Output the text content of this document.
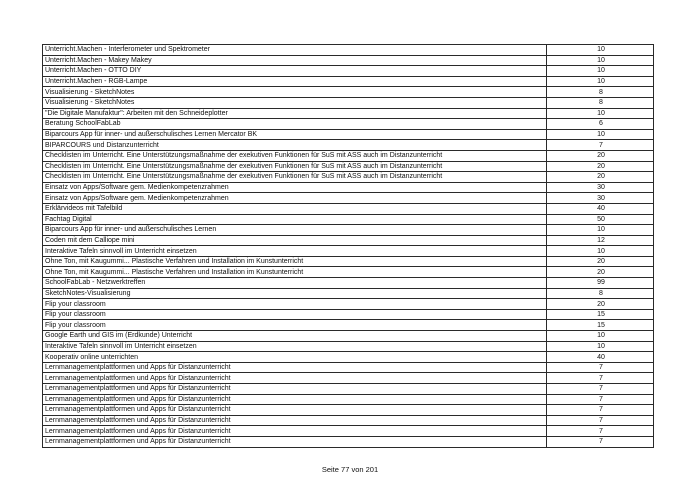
Unterricht.Machen - Interferometer und Spektrometer	10
Unterricht.Machen - Makey Makey	10
Unterricht.Machen - OTTO DIY	10
Unterricht.Machen - RGB-Lampe	10
Visualisierung - SketchNotes	8
Visualisierung - SketchNotes	8
"Die Digitale Manufaktur": Arbeiten mit den Schneideplotter	10
Beratung SchoolFabLab	6
Biparcours App für inner- und außerschulisches Lernen Mercator BK	10
BIPARCOURS und Distanzunterricht	7
Checklisten im Unterricht. Eine Unterstützungsmaßnahme der exekutiven Funktionen für SuS mit ASS auch im Distanzunterricht	20
Checklisten im Unterricht. Eine Unterstützungsmaßnahme der exekutiven Funktionen für SuS mit ASS auch im Distanzunterricht	20
Checklisten im Unterricht. Eine Unterstützungsmaßnahme der exekutiven Funktionen für SuS mit ASS auch im Distanzunterricht	20
Einsatz von Apps/Software gem. Medienkompetenzrahmen	30
Einsatz von Apps/Software gem. Medienkompetenzrahmen	30
Erklärvideos mit Tafelbild	40
Fachtag Digital	50
Biparcours App für inner- und außerschulisches Lernen	10
Coden mit dem Calliope mini	12
Interaktive Tafeln sinnvoll im Unterricht einsetzen	10
Ohne Ton, mit Kaugummi... Plastische Verfahren und Installation im Kunstunterricht	20
Ohne Ton, mit Kaugummi... Plastische Verfahren und Installation im Kunstunterricht	20
SchoolFabLab - Netzwerktreffen	99
SketchNotes-Visualisierung	8
Flip your classroom	20
Flip your classroom	15
Flip your classroom	15
Google Earth und GIS im (Erdkunde) Unterricht	10
Interaktive Tafeln sinnvoll im Unterricht einsetzen	10
Kooperativ online unterrichten	40
Lernmanagementplattformen und Apps für Distanzunterricht	7
Lernmanagementplattformen und Apps für Distanzunterricht	7
Lernmanagementplattformen und Apps für Distanzunterricht	7
Lernmanagementplattformen und Apps für Distanzunterricht	7
Lernmanagementplattformen und Apps für Distanzunterricht	7
Lernmanagementplattformen und Apps für Distanzunterricht	7
Lernmanagementplattformen und Apps für Distanzunterricht	7
Lernmanagementplattformen und Apps für Distanzunterricht	7
Seite 77 von 201
